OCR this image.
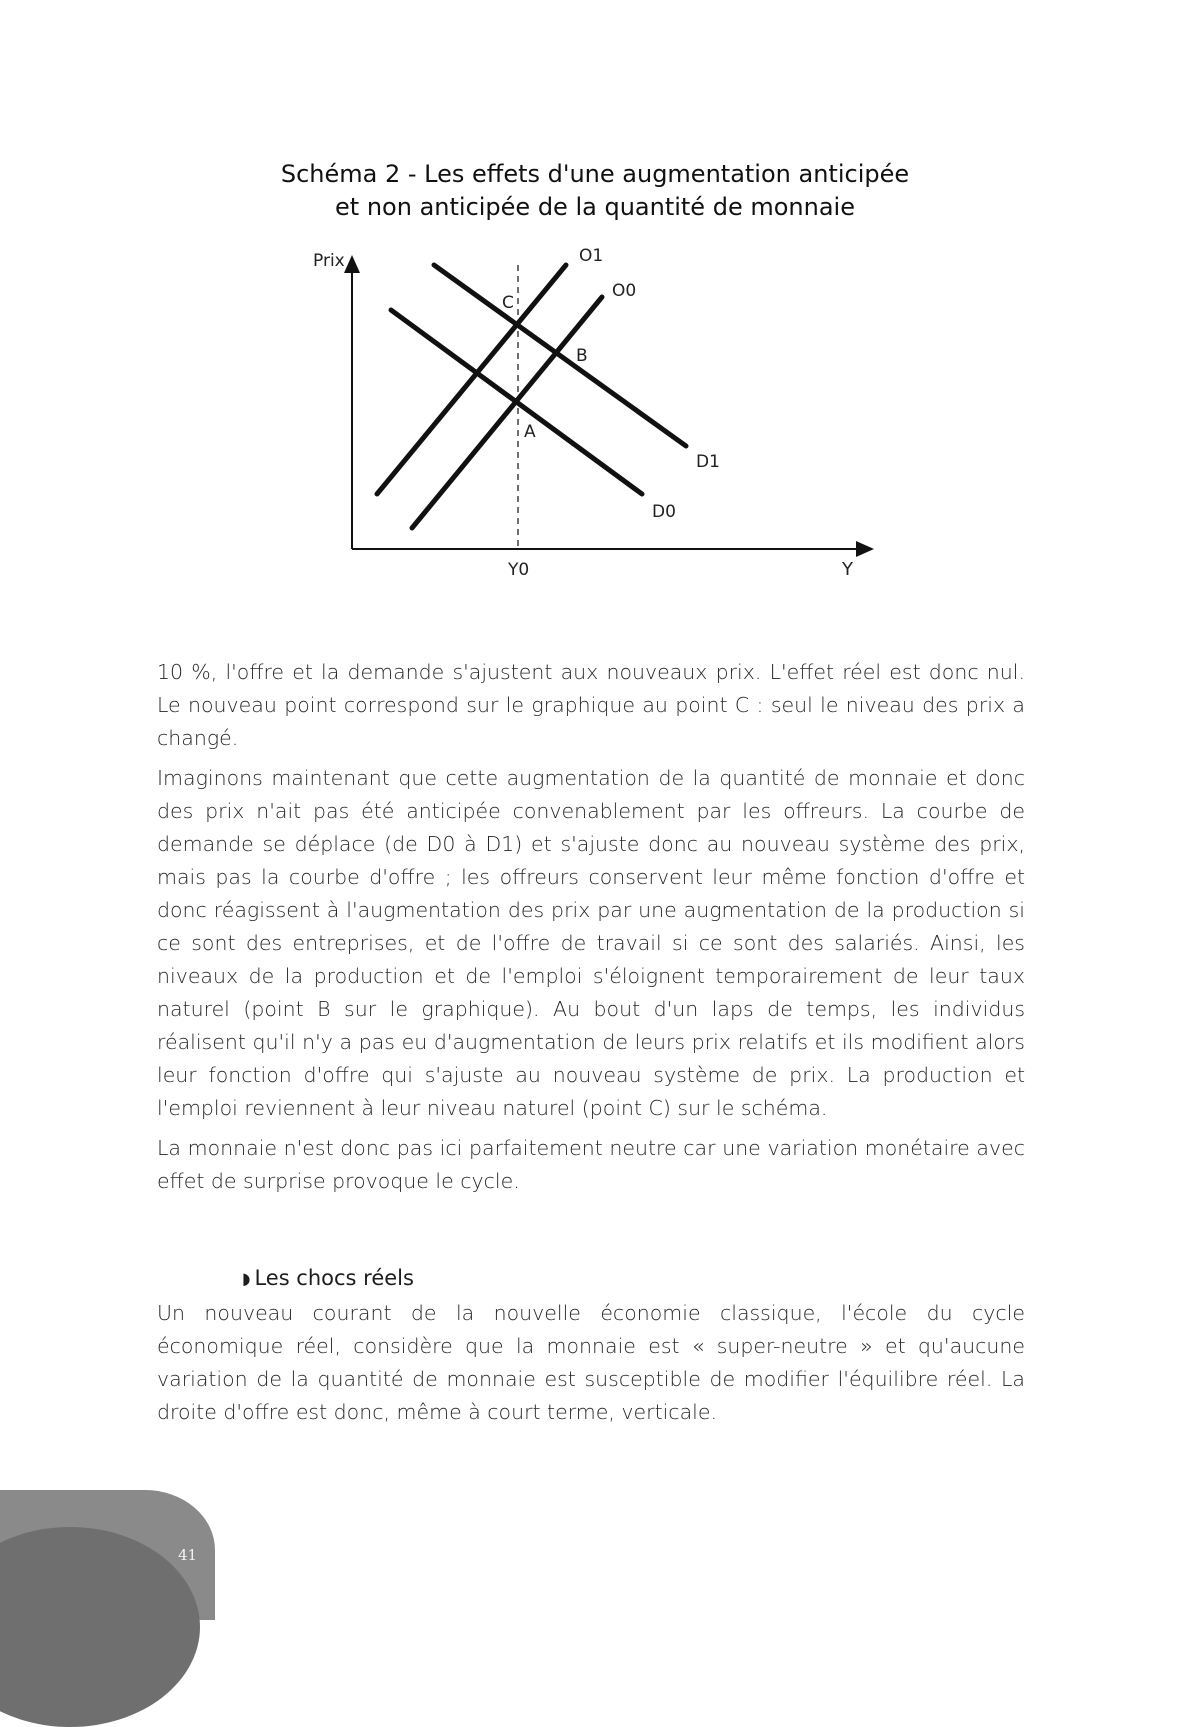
Schéma 2 - Les effets d'une augmentation anticipée
et non anticipée de la quantité de monnaie
Prix
Y
Y0
O1
O0
D1
D0
A
B
C

10 %, l'offre et la demande s'ajustent aux nouveaux prix. L'effet réel est donc nul. Le nouveau point correspond sur le graphique au point C : seul le niveau des prix a changé.

Imaginons maintenant que cette augmentation de la quantité de monnaie et donc des prix n'ait pas été anticipée convenablement par les offreurs. La courbe de demande se déplace (de D0 à D1) et s'ajuste donc au nouveau système des prix, mais pas la courbe d'offre ; les offreurs conservent leur même fonction d'offre et donc réagissent à l'augmentation des prix par une augmentation de la production si ce sont des entreprises, et de l'offre de travail si ce sont des salariés. Ainsi, les niveaux de la production et de l'emploi s'éloignent temporairement de leur taux naturel (point B sur le graphique). Au bout d'un laps de temps, les individus réalisent qu'il n'y a pas eu d'augmentation de leurs prix relatifs et ils modifient alors leur fonction d'offre qui s'ajuste au nouveau système de prix. La production et l'emploi reviennent à leur niveau naturel (point C) sur le schéma.

La monnaie n'est donc pas ici parfaitement neutre car une variation monétaire avec effet de surprise provoque le cycle.

◗ Les chocs réels

Un nouveau courant de la nouvelle économie classique, l'école du cycle économique réel, considère que la monnaie est « super-neutre » et qu'aucune variation de la quantité de monnaie est susceptible de modifier l'équilibre réel. La droite d'offre est donc, même à court terme, verticale.

41
